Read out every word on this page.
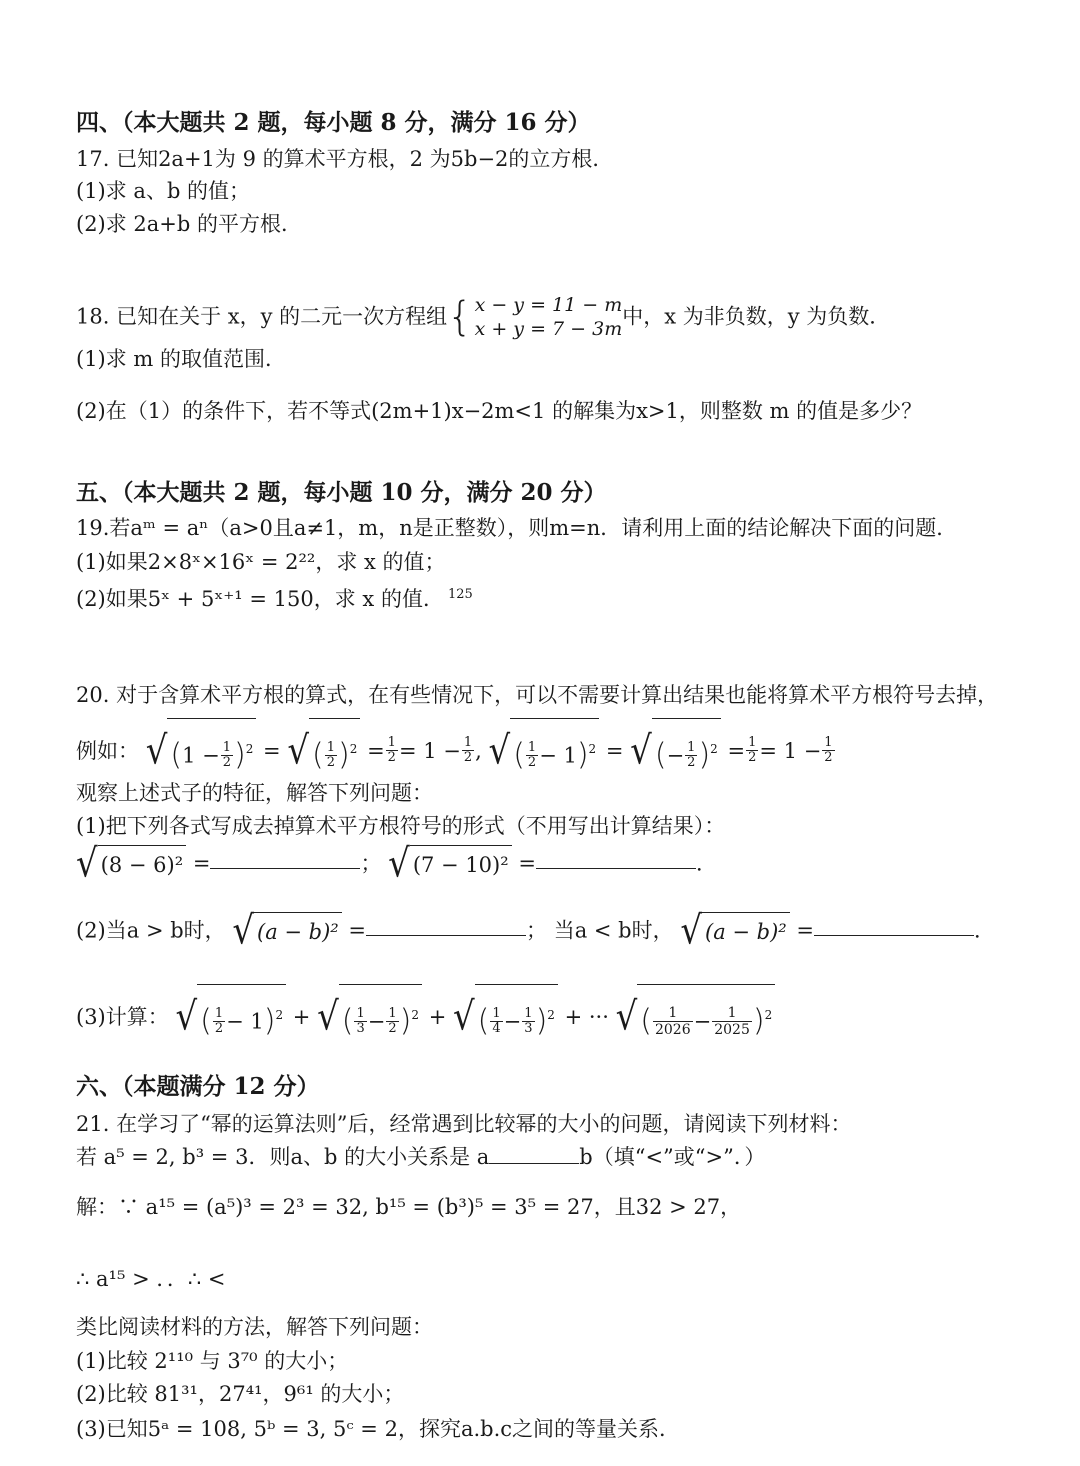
四、（本大题共 2 题，每小题 8 分，满分 16 分）
17. 已知2a+1为 9 的算术平方根，2 为5b−2的立方根．
(1)求 a、b 的值；
(2)求 2a+b 的平方根．
18. 已知在关于 x，y 的二元一次方程组{ x − y = 11 − m
x + y = 7 − 3m 中，x 为非负数，y 为负数．
(1)求 m 的取值范围．
(2)在（1）的条件下，若不等式(2m+1)x−2m<1 的解集为x>1，则整数 m 的值是多少？
五、（本大题共 2 题，每小题 10 分，满分 20 分）
19.若aᵐ = aⁿ（a>0且a≠1，m，n是正整数），则m=n．请利用上面的结论解决下面的问题．
(1)如果2×8ˣ×16ˣ = 2²²，求 x 的值；
(2)如果5ˣ + 5ˣ⁺¹ = 150，求 x 的值． $^{125}$
20. 对于含算术平方根的算式，在有些情况下，可以不需要计算出结果也能将算术平方根符号去掉，
例如： √ $(1 - \frac{1}{2} )^2$ = √ ( $\frac{1}{2} )^2 = \frac{1}{2} = 1 - \frac{1}{2}$ , √ ( $\frac{1}{2} - 1)^2$ = √ (− $\frac{1}{2} )^2 = \frac{1}{2} = 1 - \frac{1}{2}$
观察上述式子的特征，解答下列问题：
(1)把下列各式写成去掉算术平方根符号的形式（不用写出计算结果）：
√ (8 − 6)² =	； √ (7 − 10)² =	．
(2)当a > b时， √ (a − b)² =	； 当a < b时， √ (a − b)² =	．
(3)计算： √ ( $\frac{1}{2} - 1)^2$ + √ ( $\frac{1}{3} - \frac{1}{2} )^2$ + √ ( $\frac{1}{4} - \frac{1}{3} )^2$ + ··· √ ( $\frac{1}{2026} - \frac{1}{2025} )^2$
六、（本题满分 12 分）
21. 在学习了“幂的运算法则”后，经常遇到比较幂的大小的问题，请阅读下列材料：
若 a⁵ = 2, b³ = 3．则a、b 的大小关系是 a	b（填“<”或“>”．）
解：∵ a¹⁵ = (a⁵)³ = 2³ = 32, b¹⁵ = (b³)⁵ = 3⁵ = 27，且32 > 27，
∴ a¹⁵ > ．．∴ <
类比阅读材料的方法，解答下列问题：
(1)比较 2¹¹⁰ 与 3⁷⁰ 的大小；
(2)比较 81³¹，27⁴¹，9⁶¹ 的大小；
(3)已知5ᵃ = 108, 5ᵇ = 3, 5ᶜ = 2，探究a.b.c之间的等量关系．
